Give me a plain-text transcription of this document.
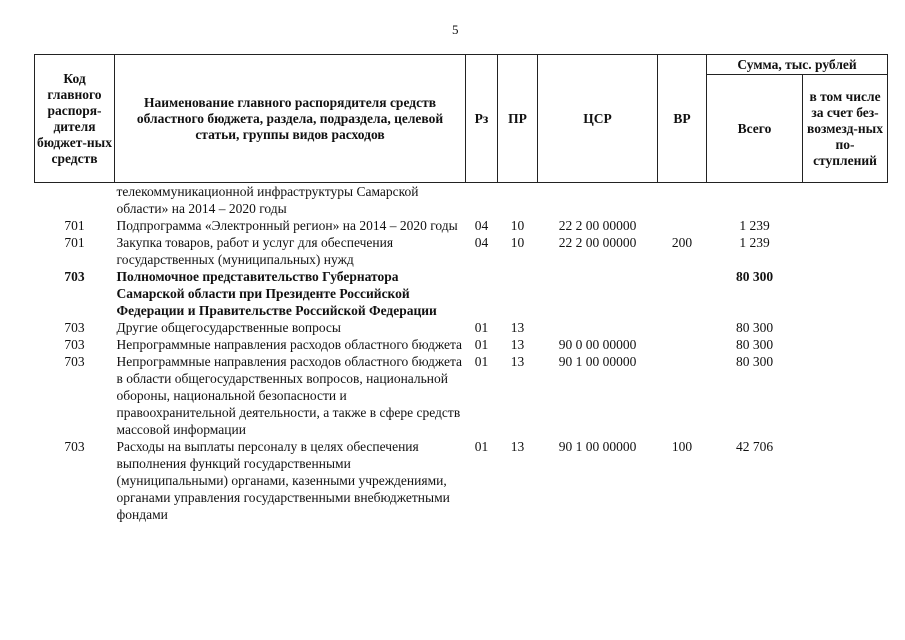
5
Код главного распоря-дителя бюджет-ных средств	Наименование главного распорядителя средств областного бюджета, раздела, подраздела, целевой статьи, группы видов расходов	Рз	ПР	ЦСР	ВР	Сумма, тыс. рублей	
						Всего	в том числе за счет без-возмезд-ных по-ступлений
	телекоммуникационной инфраструктуры Самарской области» на 2014 – 2020 годы						
701	Подпрограмма «Электронный регион» на 2014 – 2020 годы	04	10	22 2 00 00000		1 239	
701	Закупка товаров, работ и услуг для обеспечения государственных (муниципальных) нужд	04	10	22 2 00 00000	200	1 239	
703	Полномочное представительство Губернатора Самарской области при Президенте Российской Федерации и Правительстве Российской Федерации					80 300	
703	Другие общегосударственные вопросы	01	13			80 300	
703	Непрограммные направления расходов областного бюджета	01	13	90 0 00 00000		80 300	
703	Непрограммные направления расходов областного бюджета в области общегосударственных вопросов, национальной обороны, национальной безопасности и правоохранительной деятельности, а также в сфере средств массовой информации	01	13	90 1 00 00000		80 300	
703	Расходы на выплаты персоналу в целях обеспечения выполнения функций государственными (муниципальными) органами, казенными учреждениями, органами управления государственными внебюджетными фондами	01	13	90 1 00 00000	100	42 706	
